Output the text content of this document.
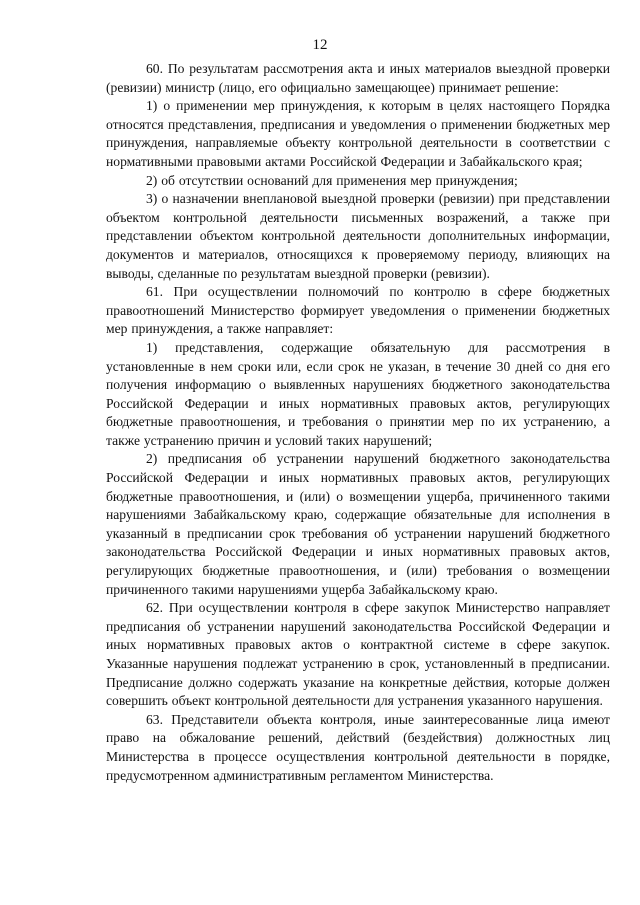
12

60. По результатам рассмотрения акта и иных материалов выездной проверки (ревизии) министр (лицо, его официально замещающее) принимает решение:

1) о применении мер принуждения, к которым в целях настоящего Порядка относятся представления, предписания и уведомления о применении бюджетных мер принуждения, направляемые объекту контрольной деятельности в соответствии с нормативными правовыми актами Российской Федерации и Забайкальского края;

2) об отсутствии оснований для применения мер принуждения;

3) о назначении внеплановой выездной проверки (ревизии) при представлении объектом контрольной деятельности письменных возражений, а также при представлении объектом контрольной деятельности дополнительных информации, документов и материалов, относящихся к проверяемому периоду, влияющих на выводы, сделанные по результатам выездной проверки (ревизии).

61. При осуществлении полномочий по контролю в сфере бюджетных правоотношений Министерство формирует уведомления о применении бюджетных мер принуждения, а также направляет:

1) представления, содержащие обязательную для рассмотрения в установленные в нем сроки или, если срок не указан, в течение 30 дней со дня его получения информацию о выявленных нарушениях бюджетного законодательства Российской Федерации и иных нормативных правовых актов, регулирующих бюджетные правоотношения, и требования о принятии мер по их устранению, а также устранению причин и условий таких нарушений;

2) предписания об устранении нарушений бюджетного законодательства Российской Федерации и иных нормативных правовых актов, регулирующих бюджетные правоотношения, и (или) о возмещении ущерба, причиненного такими нарушениями Забайкальскому краю, содержащие обязательные для исполнения в указанный в предписании срок требования об устранении нарушений бюджетного законодательства Российской Федерации и иных нормативных правовых актов, регулирующих бюджетные правоотношения, и (или) требования о возмещении причиненного такими нарушениями ущерба Забайкальскому краю.

62. При осуществлении контроля в сфере закупок Министерство направляет предписания об устранении нарушений законодательства Российской Федерации и иных нормативных правовых актов о контрактной системе в сфере закупок. Указанные нарушения подлежат устранению в срок, установленный в предписании. Предписание должно содержать указание на конкретные действия, которые должен совершить объект контрольной деятельности для устранения указанного нарушения.

63. Представители объекта контроля, иные заинтересованные лица имеют право на обжалование решений, действий (бездействия) должностных лиц Министерства в процессе осуществления контрольной деятельности в порядке, предусмотренном административным регламентом Министерства.
